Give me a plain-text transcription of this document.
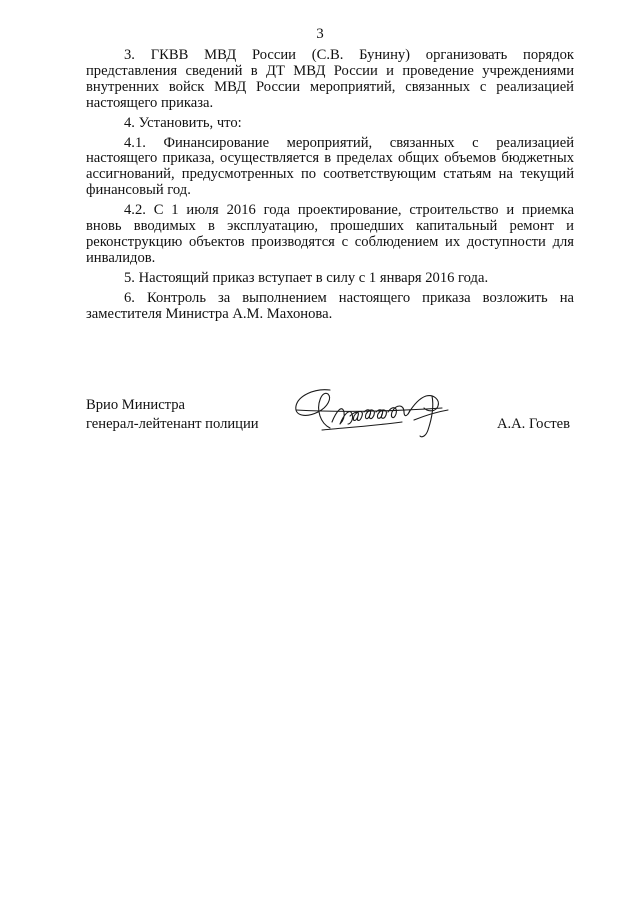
3

3. ГКВВ МВД России (С.В. Бунину) организовать порядок представления сведений в ДТ МВД России и проведение учреждениями внутренних войск МВД России мероприятий, связанных с реализацией настоящего приказа.

4. Установить, что:

4.1. Финансирование мероприятий, связанных с реализацией настоящего приказа, осуществляется в пределах общих объемов бюджетных ассигнований, предусмотренных по соответствующим статьям на текущий финансовый год.

4.2. С 1 июля 2016 года проектирование, строительство и приемка вновь вводимых в эксплуатацию, прошедших капитальный ремонт и реконструкцию объектов производятся с соблюдением их доступности для инвалидов.

5. Настоящий приказ вступает в силу с 1 января 2016 года.

6. Контроль за выполнением настоящего приказа возложить на заместителя Министра А.М. Махонова.

Врио Министра
генерал-лейтенант полиции	А.А. Гостев
